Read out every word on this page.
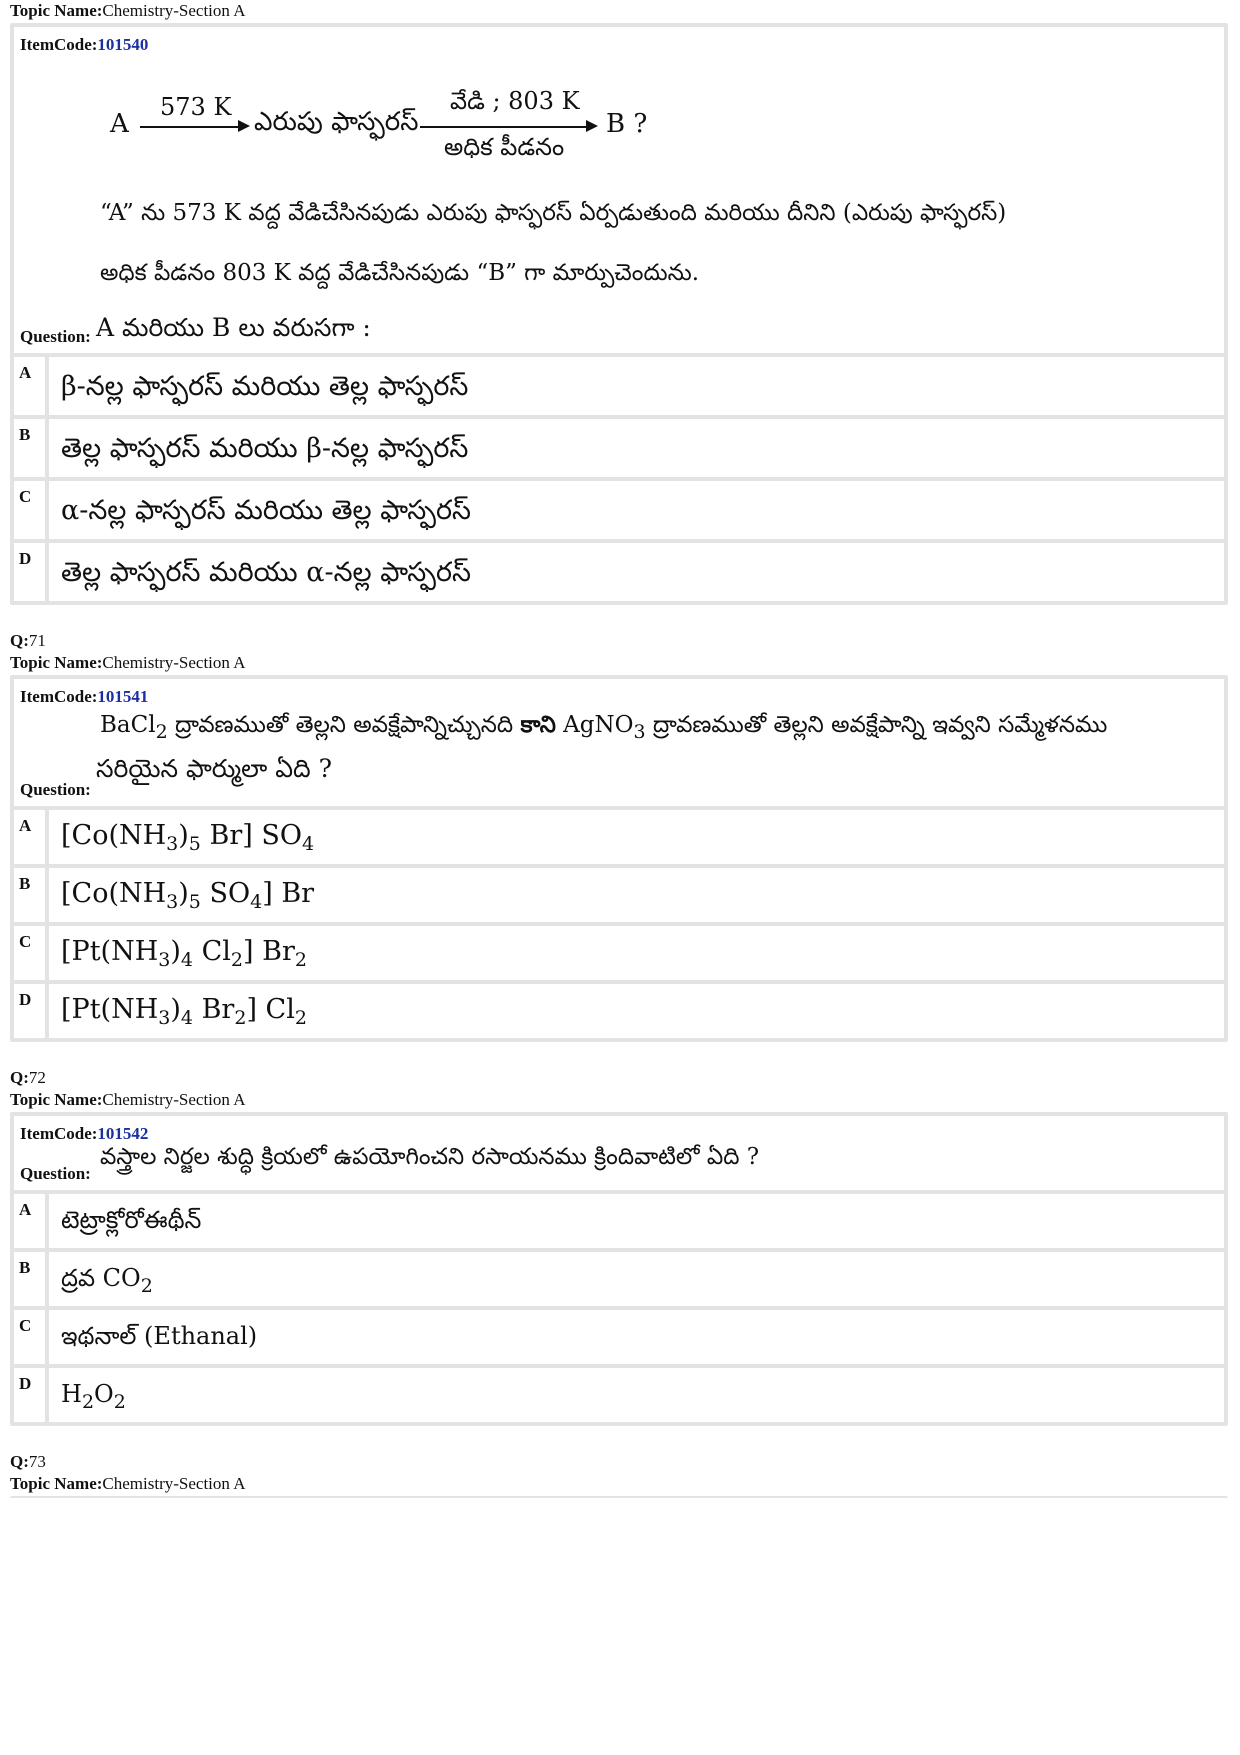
Topic Name:Chemistry-Section A
ItemCode:101540
A
573 K ఎరుపు ఫాస్ఫరస్
వేడి ; 803 K
అధిక పీడనం
B ?
“A” ను 573 K వద్ద వేడిచేసినపుడు ఎరుపు ఫాస్ఫరస్ ఏర్పడుతుంది మరియు దీనిని (ఎరుపు ఫాస్ఫరస్)
అధిక పీడనం 803 K వద్ద వేడిచేసినపుడు “B” గా మార్పుచెందును.
Question: A మరియు B లు వరుసగా :
A	β-నల్ల ఫాస్ఫరస్ మరియు తెల్ల ఫాస్ఫరస్
B	తెల్ల ఫాస్ఫరస్ మరియు β-నల్ల ఫాస్ఫరస్
C	α-నల్ల ఫాస్ఫరస్ మరియు తెల్ల ఫాస్ఫరస్
D	తెల్ల ఫాస్ఫరస్ మరియు α-నల్ల ఫాస్ఫరస్
Q:71
Topic Name:Chemistry-Section A
ItemCode:101541
BaCl$_2$ ద్రావణముతో తెల్లని అవక్షేపాన్నిచ్చునది కాని AgNO$_3$ ద్రావణముతో తెల్లని అవక్షేపాన్ని ఇవ్వని సమ్మేళనము
Question:
సరియైన ఫార్ములా ఏది ?
A	[$Co(NH_3)_5$ Br] $SO_4$
B	[$Co(NH_3)_5$ $SO_4$] Br
C	[$Pt(NH_3)_4$ $Cl_2$] $Br_2$
D	[$Pt(NH_3)_4$ $Br_2$] $Cl_2$
Q:72
Topic Name:Chemistry-Section A
ItemCode:101542
Question:
వస్త్రాల నిర్జల శుద్ధి క్రియలో ఉపయోగించని రసాయనము క్రిందివాటిలో ఏది ?
A	టెట్రాక్లోరోఈథీన్
B	ద్రవ $CO_2$
C	ఇథనాల్ (Ethanal)
D	$H_2O_2$
Q:73
Topic Name:Chemistry-Section A
